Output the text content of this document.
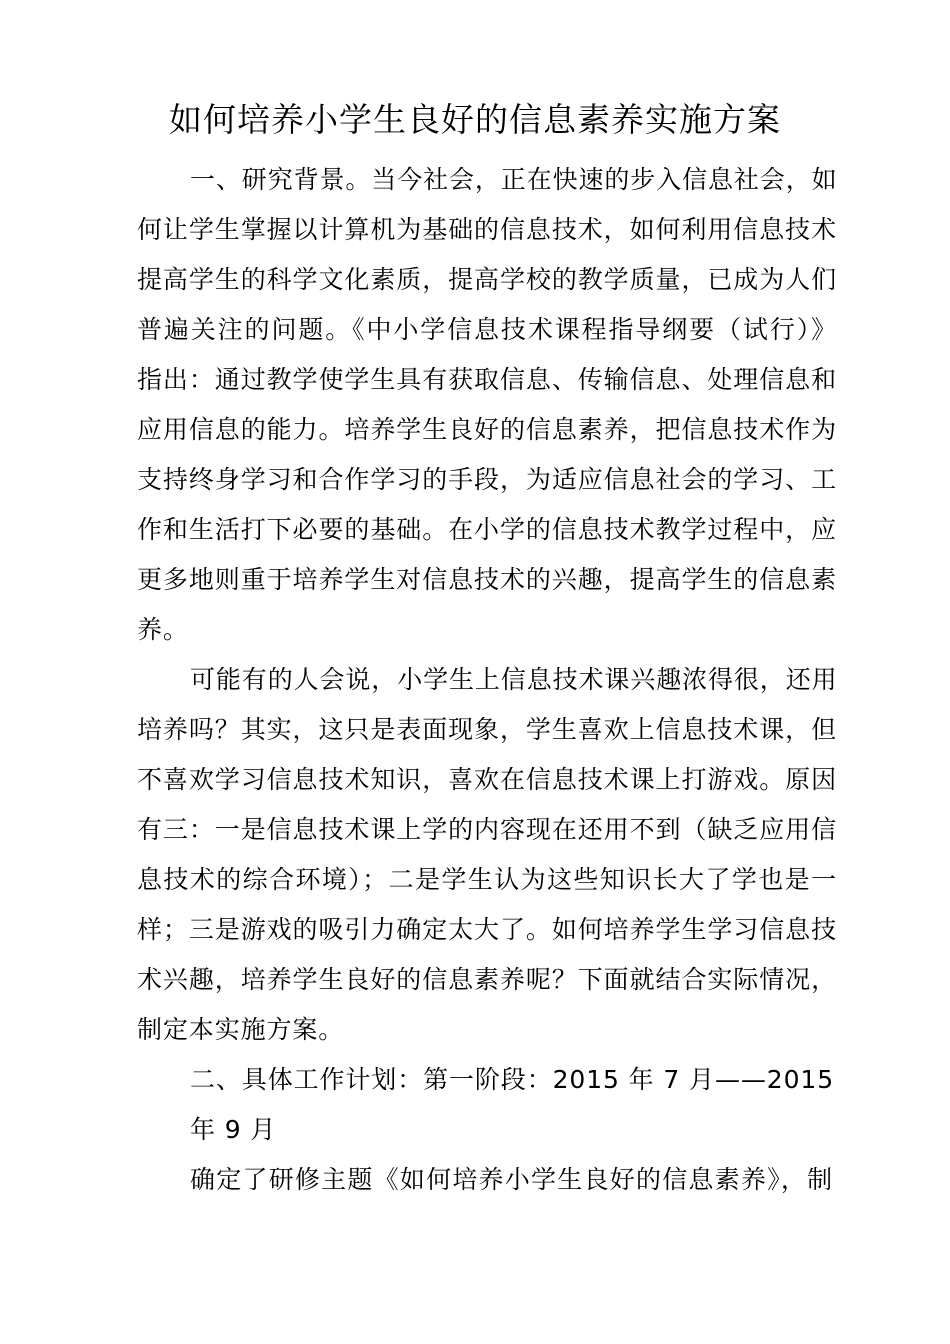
如何培养小学生良好的信息素养实施方案
一、研究背景。当今社会，正在快速的步入信息社会，如
何让学生掌握以计算机为基础的信息技术，如何利用信息技术
提高学生的科学文化素质，提高学校的教学质量，已成为人们
普遍关注的问题。《中小学信息技术课程指导纲要（试行）》
指出：通过教学使学生具有获取信息、传输信息、处理信息和
应用信息的能力。培养学生良好的信息素养，把信息技术作为
支持终身学习和合作学习的手段，为适应信息社会的学习、工
作和生活打下必要的基础。在小学的信息技术教学过程中，应
更多地则重于培养学生对信息技术的兴趣，提高学生的信息素
养。
可能有的人会说，小学生上信息技术课兴趣浓得很，还用
培养吗？其实，这只是表面现象，学生喜欢上信息技术课，但
不喜欢学习信息技术知识，喜欢在信息技术课上打游戏。原因
有三：一是信息技术课上学的内容现在还用不到（缺乏应用信
息技术的综合环境）；二是学生认为这些知识长大了学也是一
样；三是游戏的吸引力确定太大了。如何培养学生学习信息技
术兴趣，培养学生良好的信息素养呢？下面就结合实际情况，
制定本实施方案。
二、具体工作计划：第一阶段：2015 年 7 月——2015
年 9 月
确定了研修主题《如何培养小学生良好的信息素养》，制
